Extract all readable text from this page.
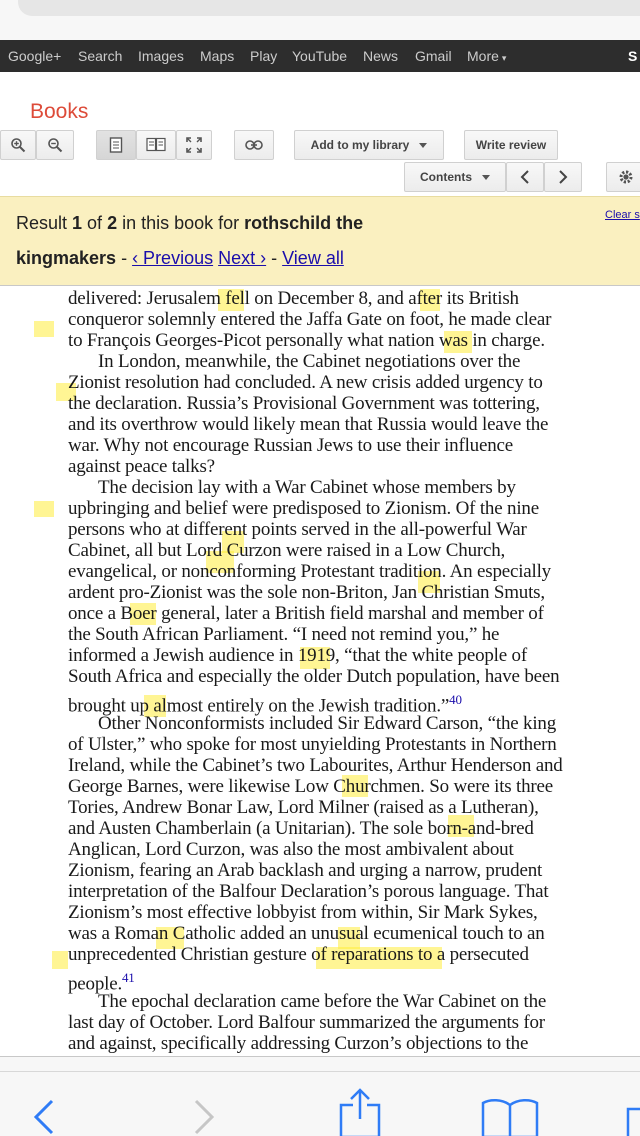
Google+ Search Images Maps Play YouTube News Gmail More ▾	S
Books
Add to my library	Write review
Contents
Clear s
Result 1 of 2 in this book for rothschild the
kingmakers - ‹ Previous Next › - View all
delivered: Jerusalem fell on December 8, and after its British
conqueror solemnly entered the Jaffa Gate on foot, he made clear
to François Georges-Picot personally what nation was in charge.
In London, meanwhile, the Cabinet negotiations over the
Zionist resolution had concluded. A new crisis added urgency to
the declaration. Russia’s Provisional Government was tottering,
and its overthrow would likely mean that Russia would leave the
war. Why not encourage Russian Jews to use their influence
against peace talks?
The decision lay with a War Cabinet whose members by
upbringing and belief were predisposed to Zionism. Of the nine
persons who at different points served in the all-powerful War
Cabinet, all but Lord Curzon were raised in a Low Church,
evangelical, or nonconforming Protestant tradition. An especially
ardent pro-Zionist was the sole non-Briton, Jan Christian Smuts,
once a Boer general, later a British field marshal and member of
the South African Parliament. “I need not remind you,” he
informed a Jewish audience in 1919, “that the white people of
South Africa and especially the older Dutch population, have been
brought up almost entirely on the Jewish tradition.”$^{40}$
Other Nonconformists included Sir Edward Carson, “the king
of Ulster,” who spoke for most unyielding Protestants in Northern
Ireland, while the Cabinet’s two Labourites, Arthur Henderson and
George Barnes, were likewise Low Churchmen. So were its three
Tories, Andrew Bonar Law, Lord Milner (raised as a Lutheran),
and Austen Chamberlain (a Unitarian). The sole born-and-bred
Anglican, Lord Curzon, was also the most ambivalent about
Zionism, fearing an Arab backlash and urging a narrow, prudent
interpretation of the Balfour Declaration’s porous language. That
Zionism’s most effective lobbyist from within, Sir Mark Sykes,
was a Roman Catholic added an unusual ecumenical touch to an
unprecedented Christian gesture of reparations to a persecuted
people.$^{41}$
The epochal declaration came before the War Cabinet on the
last day of October. Lord Balfour summarized the arguments for
and against, specifically addressing Curzon’s objections to the
